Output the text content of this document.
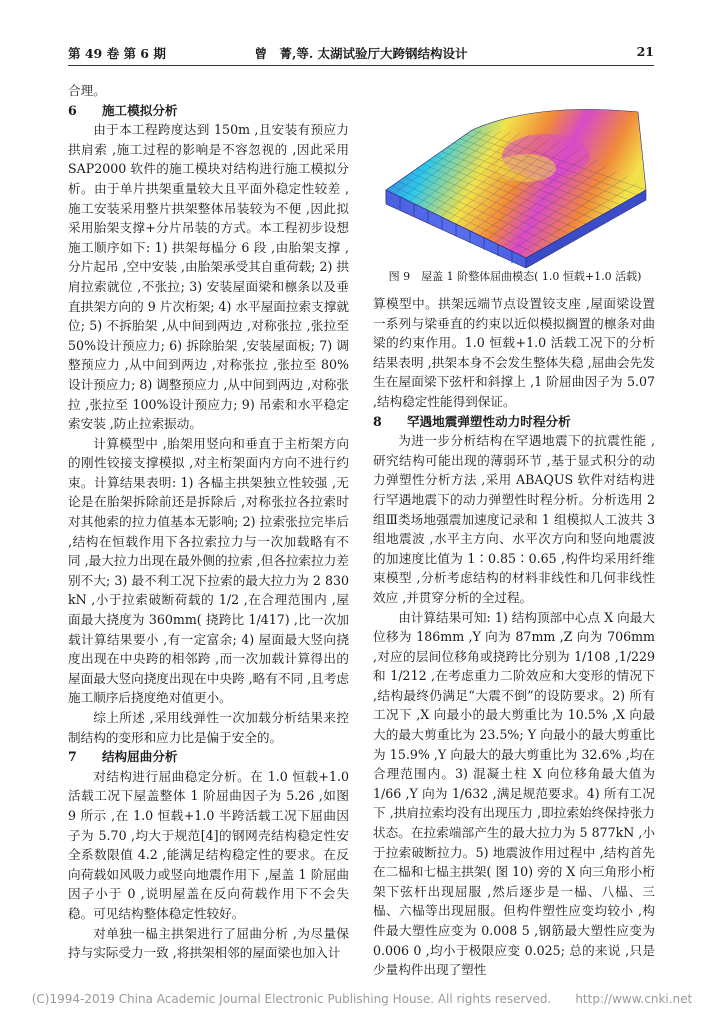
第 49 卷 第 6 期	曾　菁,等. 太湖试验厅大跨钢结构设计	21

合理。

6　　施工模拟分析

由于本工程跨度达到 150m ,且安装有预应力拱肩索 ,施工过程的影响是不容忽视的 ,因此采用 SAP2000 软件的施工模块对结构进行施工模拟分析。由于单片拱架重量较大且平面外稳定性较差 ,施工安装采用整片拱架整体吊装较为不便 ,因此拟采用胎架支撑+分片吊装的方式。本工程初步设想施工顺序如下: 1) 拱架每榀分 6 段 ,由胎架支撑 ,分片起吊 ,空中安装 ,由胎架承受其自重荷载; 2) 拱肩拉索就位 ,不张拉; 3) 安装屋面梁和檩条以及垂直拱架方向的 9 片次桁架; 4) 水平屋面拉索支撑就位; 5) 不拆胎架 ,从中间到两边 ,对称张拉 ,张拉至 50%设计预应力; 6) 拆除胎架 ,安装屋面板; 7) 调整预应力 ,从中间到两边 ,对称张拉 ,张拉至 80% 设计预应力; 8) 调整预应力 ,从中间到两边 ,对称张拉 ,张拉至 100%设计预应力; 9) 吊索和水平稳定索安装 ,防止拉索振动。

计算模型中 ,胎架用竖向和垂直于主桁架方向的刚性铰接支撑模拟 ,对主桁架面内方向不进行约束。计算结果表明: 1) 各榀主拱架独立性较强 ,无论是在胎架拆除前还是拆除后 ,对称张拉各拉索时对其他索的拉力值基本无影响; 2) 拉索张拉完毕后 ,结构在恒载作用下各拉索拉力与一次加载略有不同 ,最大拉力出现在最外侧的拉索 ,但各拉索拉力差别不大; 3) 最不利工况下拉索的最大拉力为 2 830 kN ,小于拉索破断荷载的 1/2 ,在合理范围内 ,屋面最大挠度为 360mm( 挠跨比 1/417) ,比一次加载计算结果要小 ,有一定富余; 4) 屋面最大竖向挠度出现在中央跨的相邻跨 ,而一次加载计算得出的屋面最大竖向挠度出现在中央跨 ,略有不同 ,且考虑施工顺序后挠度绝对值更小。

综上所述 ,采用线弹性一次加载分析结果来控制结构的变形和应力比是偏于安全的。

7　　结构屈曲分析

对结构进行屈曲稳定分析。在 1.0 恒载+1.0 活载工况下屋盖整体 1 阶屈曲因子为 5.26 ,如图 9 所示 ,在 1.0 恒载+1.0 半跨活载工况下屈曲因子为 5.70 ,均大于规范[4]的钢网壳结构稳定性安全系数限值 4.2 ,能满足结构稳定性的要求。在反向荷载如风吸力或竖向地震作用下 ,屋盖 1 阶屈曲因子小于 0 ,说明屋盖在反向荷载作用下不会失稳。可见结构整体稳定性较好。

对单独一榀主拱架进行了屈曲分析 ,为尽量保持与实际受力一致 ,将拱架相邻的屋面梁也加入计

图 9　屋盖 1 阶整体屈曲模态( 1.0 恒载+1.0 活载)

算模型中。拱架远端节点设置铰支座 ,屋面梁设置一系列与梁垂直的约束以近似模拟搁置的檩条对曲梁的约束作用。1.0 恒载+1.0 活载工况下的分析结果表明 ,拱架本身不会发生整体失稳 ,屈曲会先发生在屋面梁下弦杆和斜撑上 ,1 阶屈曲因子为 5.07 ,结构稳定性能得到保证。

8　　罕遇地震弹塑性动力时程分析

为进一步分析结构在罕遇地震下的抗震性能 ,研究结构可能出现的薄弱环节 ,基于显式积分的动力弹塑性分析方法 ,采用 ABAQUS 软件对结构进行罕遇地震下的动力弹塑性时程分析。分析选用 2 组Ⅲ类场地强震加速度记录和 1 组模拟人工波共 3 组地震波 ,水平主方向、水平次方向和竖向地震波的加速度比值为 1∶0.85∶0.65 ,构件均采用纤维束模型 ,分析考虑结构的材料非线性和几何非线性效应 ,并贯穿分析的全过程。

由计算结果可知: 1) 结构顶部中心点 X 向最大位移为 186mm ,Y 向为 87mm ,Z 向为 706mm ,对应的层间位移角或挠跨比分别为 1/108 ,1/229 和 1/212 ,在考虑重力二阶效应和大变形的情况下 ,结构最终仍满足“大震不倒”的设防要求。2) 所有工况下 ,X 向最小的最大剪重比为 10.5% ,X 向最大的最大剪重比为 23.5%; Y 向最小的最大剪重比为 15.9% ,Y 向最大的最大剪重比为 32.6% ,均在合理范围内。3) 混凝土柱 X 向位移角最大值为 1/66 ,Y 向为 1/632 ,满足规范要求。4) 所有工况下 ,拱肩拉索均没有出现压力 ,即拉索始终保持张力状态。在拉索端部产生的最大拉力为 5 877kN ,小于拉索破断拉力。5) 地震波作用过程中 ,结构首先在二榀和七榀主拱架( 图 10) 旁的 X 向三角形小桁架下弦杆出现屈服 ,然后逐步是一榀、八榀、三榀、六榀等出现屈服。但构件塑性应变均较小 ,构件最大塑性应变为 0.008 5 ,钢筋最大塑性应变为 0.006 0 ,均小于极限应变 0.025; 总的来说 ,只是少量构件出现了塑性

(C)1994-2019 China Academic Journal Electronic Publishing House. All rights reserved.　　http://www.cnki.net
